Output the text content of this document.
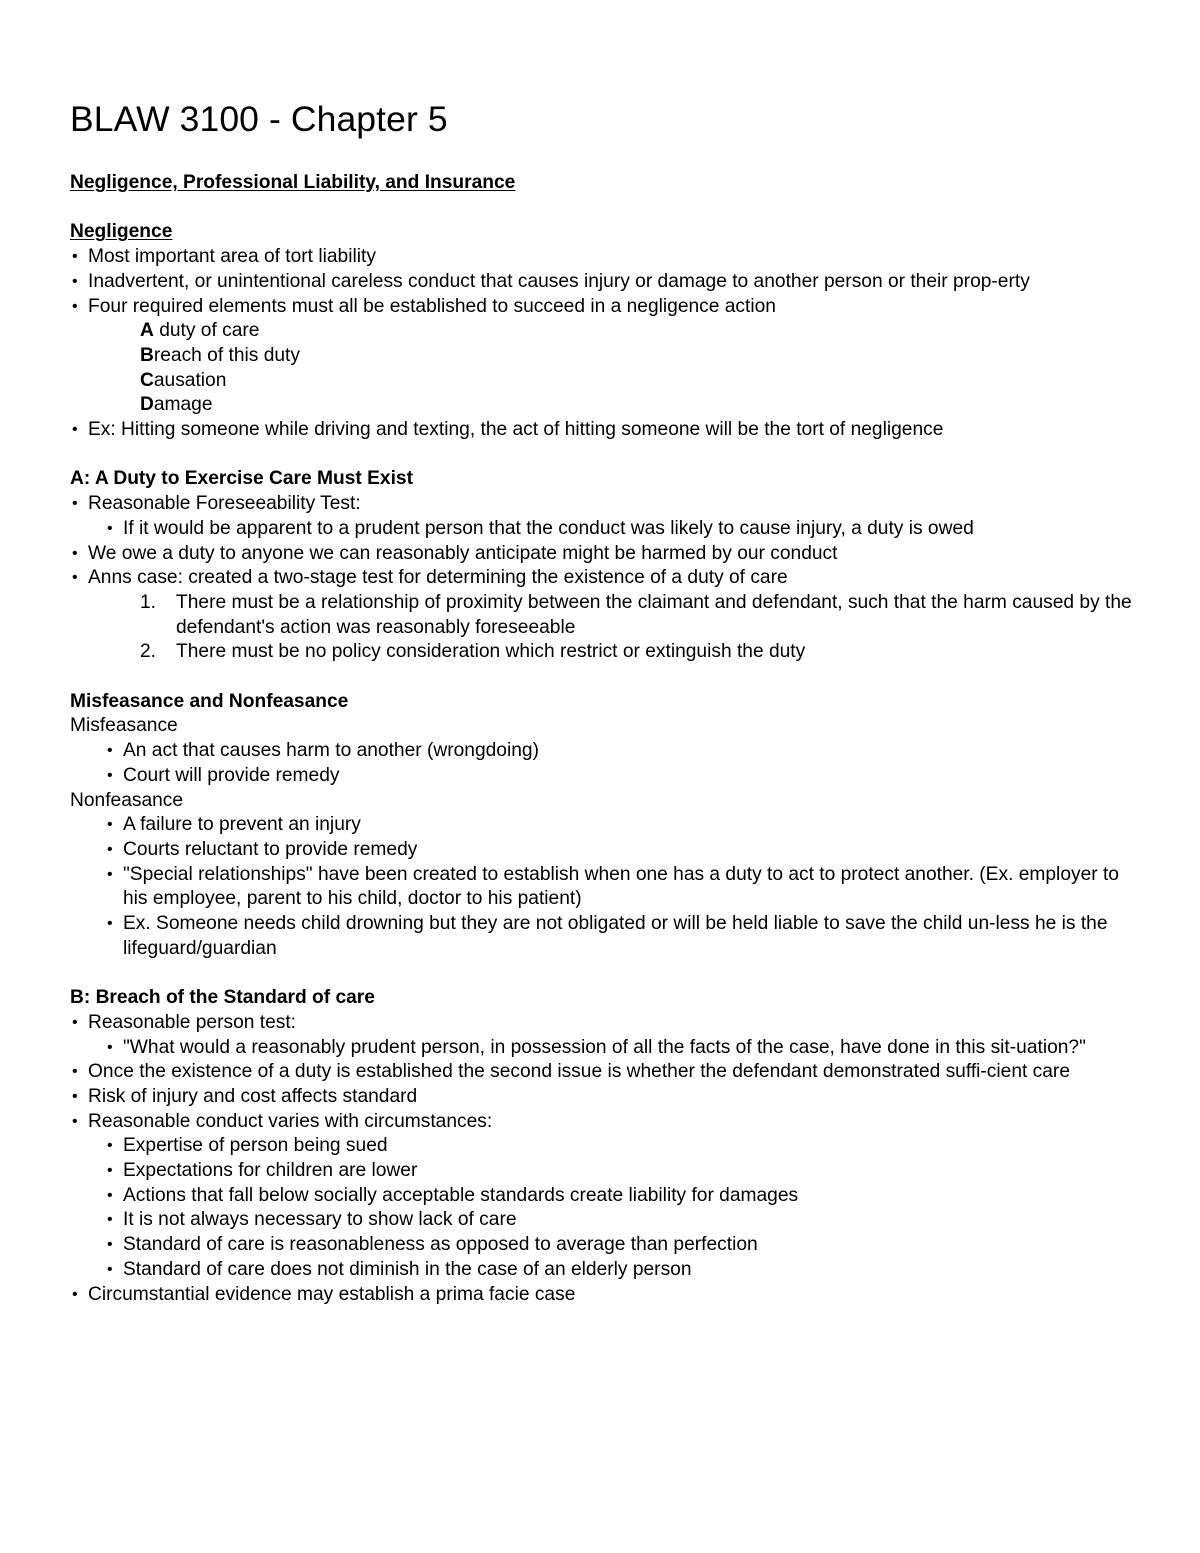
BLAW 3100 - Chapter 5

Negligence, Professional Liability, and Insurance

Negligence

• Most important area of tort liability
• Inadvertent, or unintentional careless conduct that causes injury or damage to another person or their prop-erty
• Four required elements must all be established to succeed in a negligence action
A duty of care
Breach of this duty
Causation
Damage
• Ex: Hitting someone while driving and texting, the act of hitting someone will be the tort of negligence

A: A Duty to Exercise Care Must Exist

• Reasonable Foreseeability Test:
• If it would be apparent to a prudent person that the conduct was likely to cause injury, a duty is owed
• We owe a duty to anyone we can reasonably anticipate might be harmed by our conduct
• Anns case: created a two-stage test for determining the existence of a duty of care
1. There must be a relationship of proximity between the claimant and defendant, such that the harm caused by the defendant's action was reasonably foreseeable
2. There must be no policy consideration which restrict or extinguish the duty

Misfeasance and Nonfeasance

Misfeasance

• An act that causes harm to another (wrongdoing)
• Court will provide remedy

Nonfeasance

• A failure to prevent an injury
• Courts reluctant to provide remedy
• "Special relationships" have been created to establish when one has a duty to act to protect another. (Ex. employer to his employee, parent to his child, doctor to his patient)
• Ex. Someone needs child drowning but they are not obligated or will be held liable to save the child un-less he is the lifeguard/guardian

B: Breach of the Standard of care

• Reasonable person test:
• "What would a reasonably prudent person, in possession of all the facts of the case, have done in this sit-uation?"
• Once the existence of a duty is established the second issue is whether the defendant demonstrated suffi-cient care
• Risk of injury and cost affects standard
• Reasonable conduct varies with circumstances:
• Expertise of person being sued
• Expectations for children are lower
• Actions that fall below socially acceptable standards create liability for damages
• It is not always necessary to show lack of care
• Standard of care is reasonableness as opposed to average than perfection
• Standard of care does not diminish in the case of an elderly person
• Circumstantial evidence may establish a prima facie case
